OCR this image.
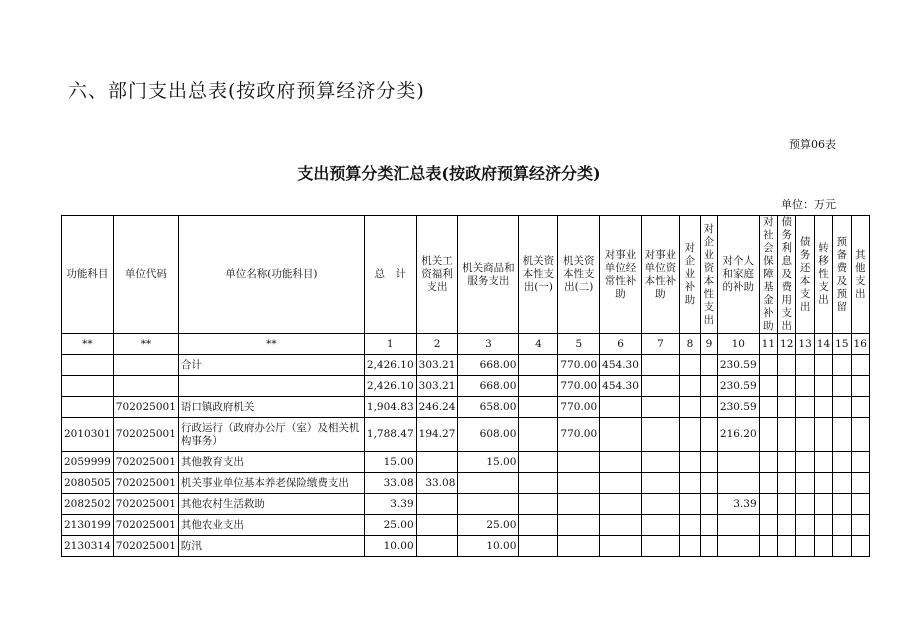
六、部门支出总表(按政府预算经济分类)
预算06表
支出预算分类汇总表(按政府预算经济分类)
单位：万元
功能科目	单位代码	单位名称(功能科目)	总　计	机关工资福利支出	机关商品和服务支出	机关资本性支出(一)	机关资本性支出(二)	对事业单位经常性补助	对事业单位资本性补助	对企业补助	对企业资本性支出	对个人和家庭的补助	对社会保障基金补助	债务利息及费用支出	债务还本支出	转移性支出	预备费及预留	其他支出
**	**	**	1	2	3	4	5	6	7	8	9	10	11	12	13	14	15	16
		合计	2,426.10	303.21	668.00		770.00	454.30				230.59						
			2,426.10	303.21	668.00		770.00	454.30				230.59						
	702025001	语口镇政府机关	1,904.83	246.24	658.00		770.00					230.59						
2010301	702025001	行政运行（政府办公厅（室）及相关机构事务）	1,788.47	194.27	608.00		770.00					216.20						
2059999	702025001	其他教育支出	15.00		15.00													
2080505	702025001	机关事业单位基本养老保险缴费支出	33.08	33.08														
2082502	702025001	其他农村生活救助	3.39									3.39						
2130199	702025001	其他农业支出	25.00		25.00													
2130314	702025001	防汛	10.00		10.00													
